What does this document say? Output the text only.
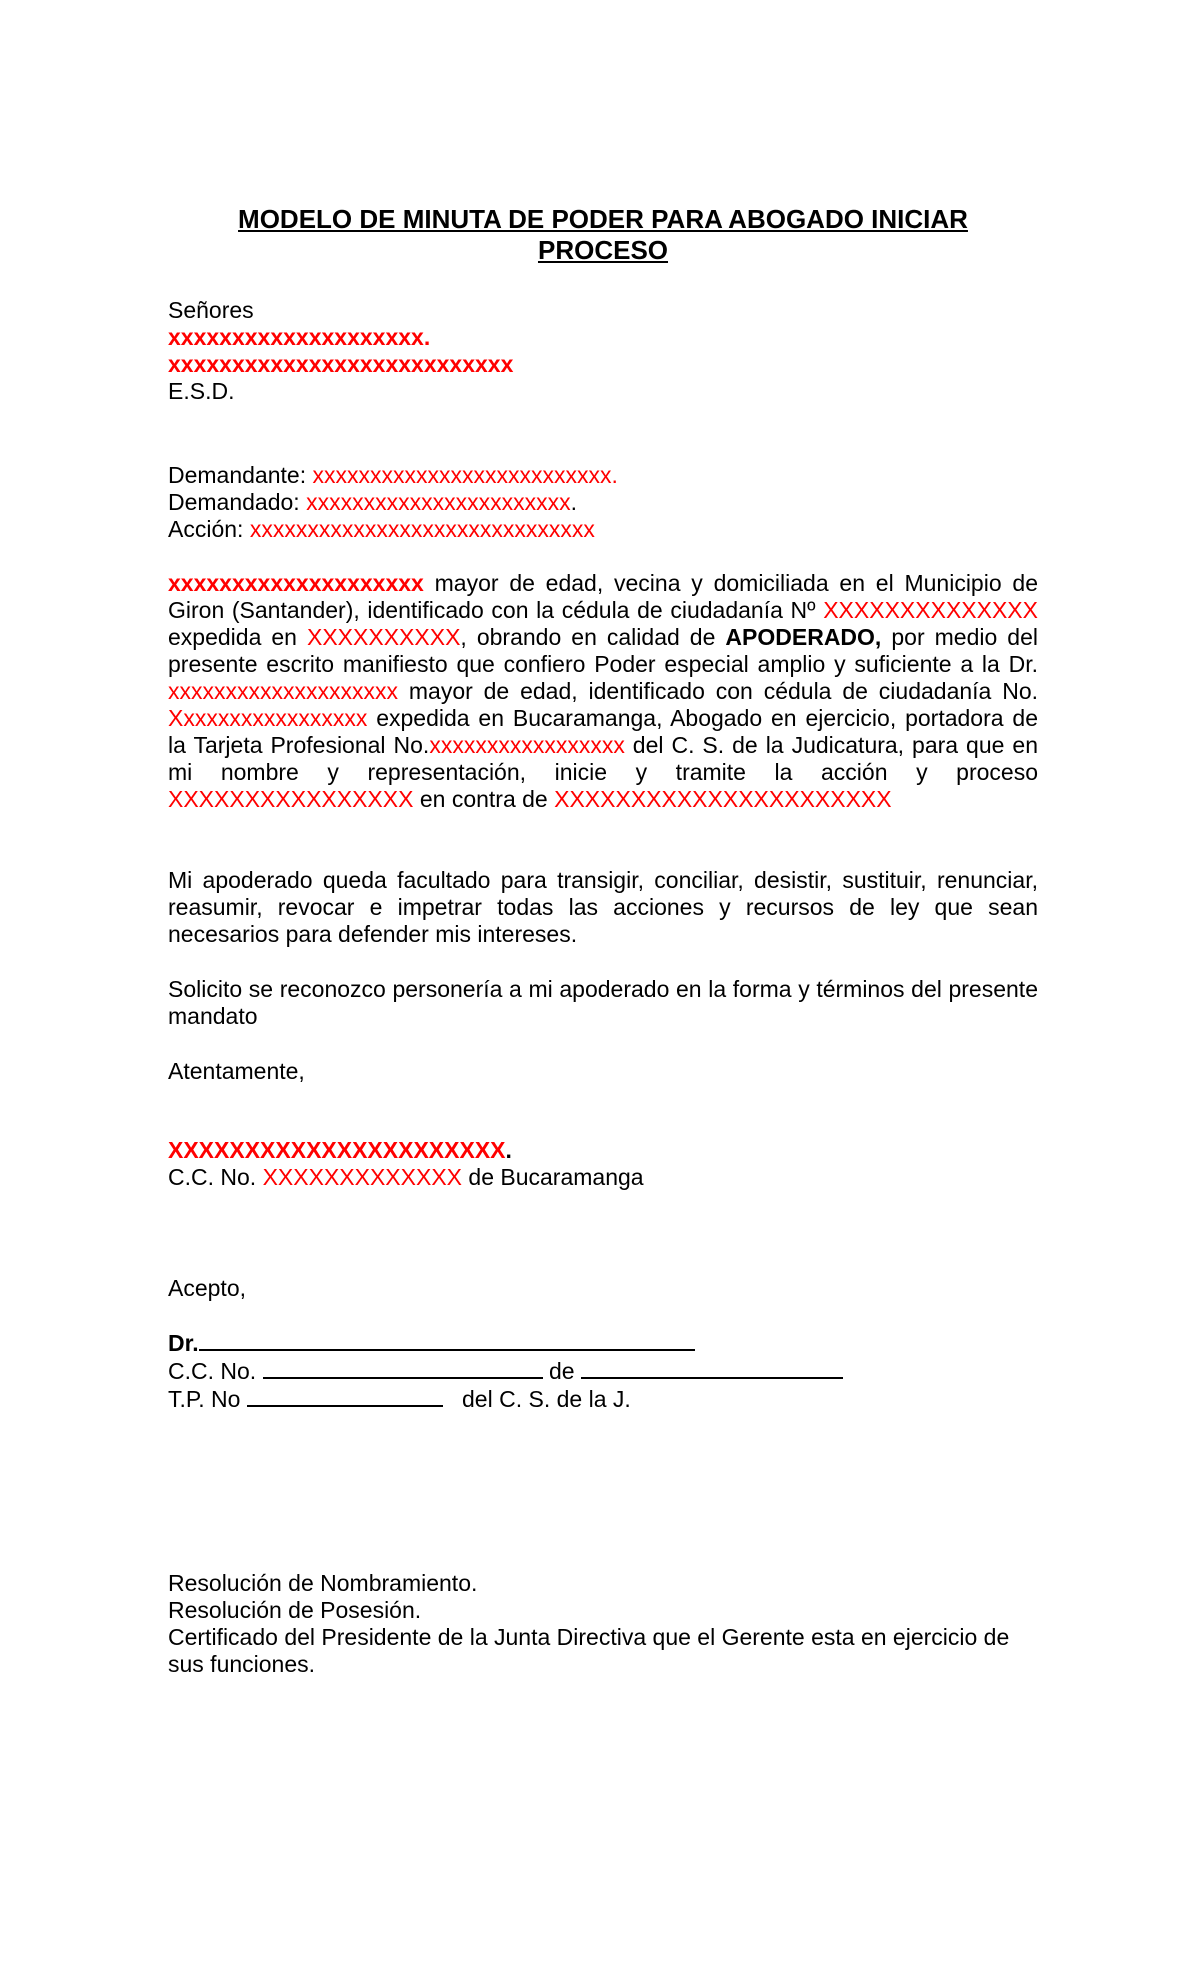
MODELO DE MINUTA DE PODER PARA ABOGADO INICIAR
PROCESO
Señores
xxxxxxxxxxxxxxxxxxxx.
xxxxxxxxxxxxxxxxxxxxxxxxxxx
E.S.D.
Demandante: xxxxxxxxxxxxxxxxxxxxxxxxxx.
Demandado: xxxxxxxxxxxxxxxxxxxxxxx.
Acción: xxxxxxxxxxxxxxxxxxxxxxxxxxxxxx
xxxxxxxxxxxxxxxxxxxx mayor de edad, vecina y domiciliada en el Municipio de Giron (Santander), identificado con la cédula de ciudadanía Nº XXXXXXXXXXXXXX expedida en XXXXXXXXXX, obrando en calidad de APODERADO, por medio del presente escrito manifiesto que confiero Poder especial amplio y suficiente a la Dr. xxxxxxxxxxxxxxxxxxxx mayor de edad, identificado con cédula de ciudadanía No. Xxxxxxxxxxxxxxxxx expedida en Bucaramanga, Abogado en ejercicio, portadora de la Tarjeta Profesional No.xxxxxxxxxxxxxxxxx del C. S. de la Judicatura, para que en mi nombre y representación, inicie y tramite la acción y proceso XXXXXXXXXXXXXXXX en contra de XXXXXXXXXXXXXXXXXXXXXX
Mi apoderado queda facultado para transigir, conciliar, desistir, sustituir, renunciar, reasumir, revocar e impetrar todas las acciones y recursos de ley que sean necesarios para defender mis intereses.
Solicito se reconozco personería a mi apoderado en la forma y términos del presente mandato
Atentamente,
XXXXXXXXXXXXXXXXXXXXXX.
C.C. No. XXXXXXXXXXXXX de Bucaramanga
Acepto,
Dr.
C.C. No.	de
T.P. No	del C. S. de la J.
Resolución de Nombramiento.
Resolución de Posesión.
Certificado del Presidente de la Junta Directiva que el Gerente esta en ejercicio de sus funciones.
